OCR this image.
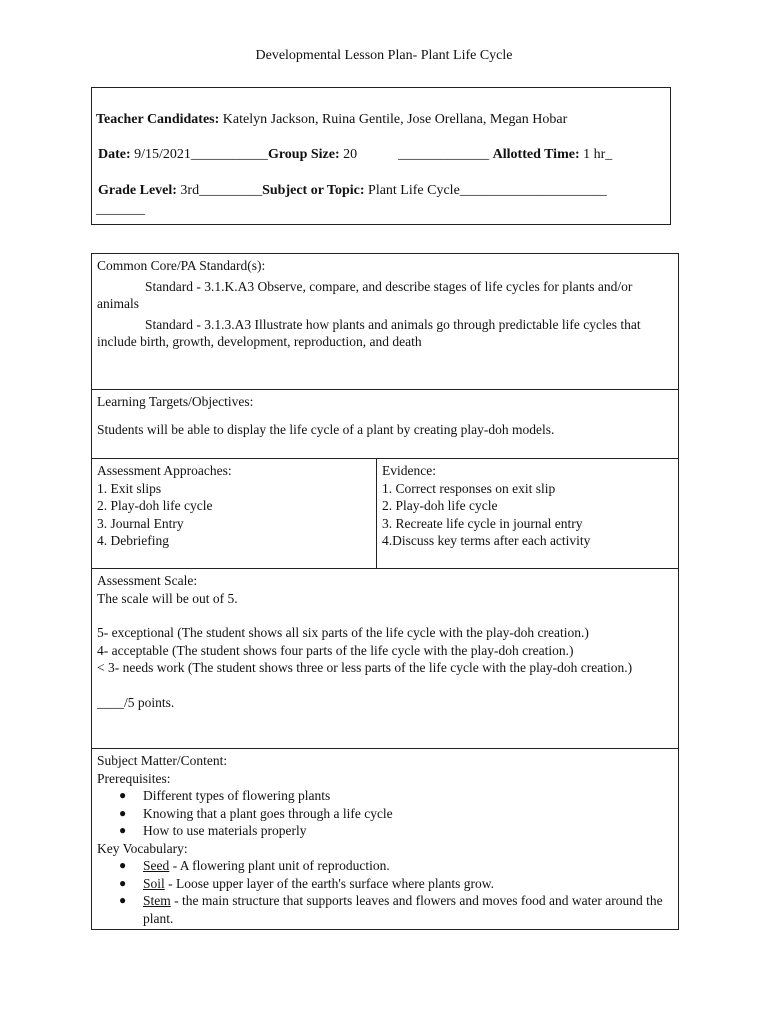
Developmental Lesson Plan- Plant Life Cycle
Teacher Candidates: Katelyn Jackson, Ruina Gentile, Jose Orellana, Megan Hobar
Date: 9/15/2021___________Group Size: 20	_____________ Allotted Time: 1 hr_
Grade Level: 3rd_________Subject or Topic: Plant Life Cycle_____________________
_______
Common Core/PA Standard(s):
Standard - 3.1.K.A3 Observe, compare, and describe stages of life cycles for plants and/or animals
Standard - 3.1.3.A3 Illustrate how plants and animals go through predictable life cycles that include birth, growth, development, reproduction, and death
Learning Targets/Objectives:
Students will be able to display the life cycle of a plant by creating play-doh models.
Assessment Approaches:
1. Exit slips
2. Play-doh life cycle
3. Journal Entry
4. Debriefing
Evidence:
1. Correct responses on exit slip
2. Play-doh life cycle
3. Recreate life cycle in journal entry
4.Discuss key terms after each activity
Assessment Scale:
The scale will be out of 5.
5- exceptional (The student shows all six parts of the life cycle with the play-doh creation.)
4- acceptable (The student shows four parts of the life cycle with the play-doh creation.)
< 3- needs work (The student shows three or less parts of the life cycle with the play-doh creation.)
____/5 points.
Subject Matter/Content:
Prerequisites:
● Different types of flowering plants
● Knowing that a plant goes through a life cycle
● How to use materials properly
Key Vocabulary:
● Seed - A flowering plant unit of reproduction.
● Soil - Loose upper layer of the earth's surface where plants grow.
● Stem - the main structure that supports leaves and flowers and moves food and water around the plant.
